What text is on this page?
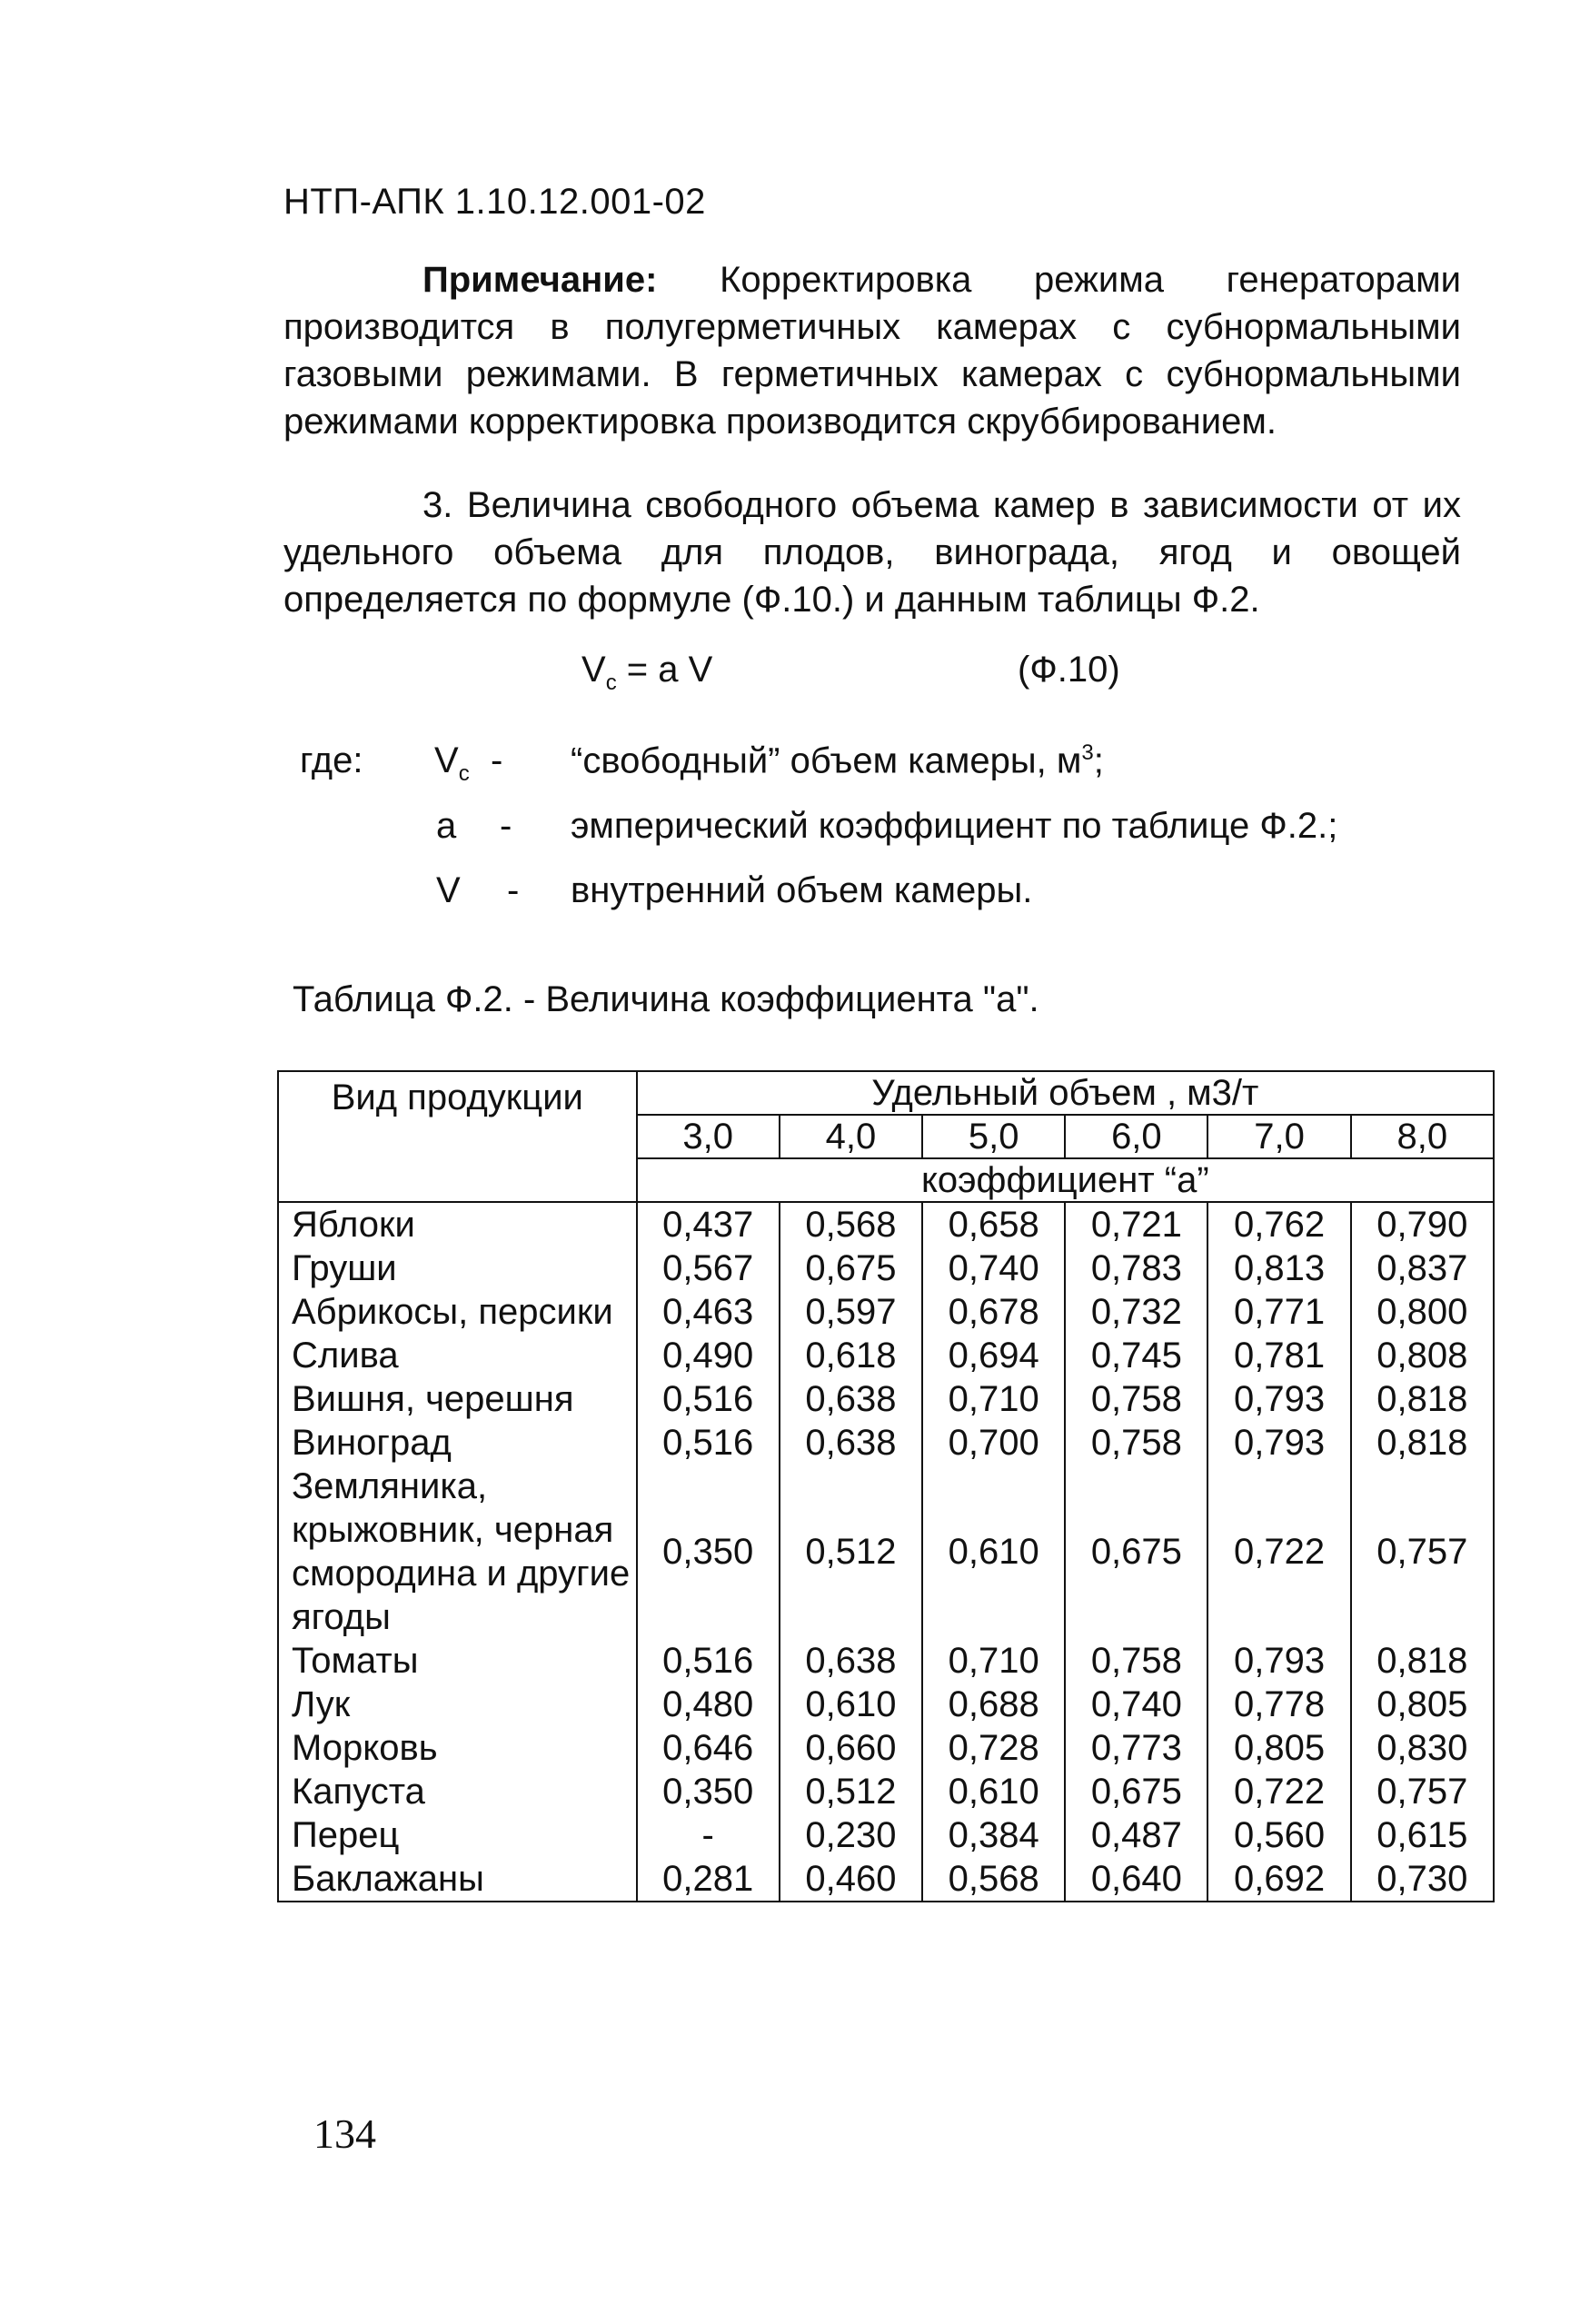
НТП-АПК 1.10.12.001-02
Примечание: Корректировка режима генераторами производится в полугерметичных камерах с субнормальными газовыми режимами. В герметичных камерах с субнормальными режимами корректировка производится скруббированием.
3. Величина свободного объема камер в зависимости от их удельного объема для плодов, винограда, ягод и овощей определяется по формуле (Ф.10.) и данным таблицы Ф.2.
$V_c = a$ V	(Ф.10)
где: $V_c$ - “свободный” объем камеры, $м^3$;
a - эмперический коэффициент по таблице Ф.2.;
V - внутренний объем камеры.
Таблица Ф.2. - Величина коэффициента "а".
Вид продукции	Удельный объем , м3/т					
	3,0	4,0	5,0	6,0	7,0	8,0
	коэффициент “а”					
Яблоки	0,437	0,568	0,658	0,721	0,762	0,790
Груши	0,567	0,675	0,740	0,783	0,813	0,837
Абрикосы, персики	0,463	0,597	0,678	0,732	0,771	0,800
Слива	0,490	0,618	0,694	0,745	0,781	0,808
Вишня, черешня	0,516	0,638	0,710	0,758	0,793	0,818
Виноград	0,516	0,638	0,700	0,758	0,793	0,818
Земляника, крыжовник, черная смородина и другие ягоды	0,350	0,512	0,610	0,675	0,722	0,757
Томаты	0,516	0,638	0,710	0,758	0,793	0,818
Лук	0,480	0,610	0,688	0,740	0,778	0,805
Морковь	0,646	0,660	0,728	0,773	0,805	0,830
Капуста	0,350	0,512	0,610	0,675	0,722	0,757
Перец	-	0,230	0,384	0,487	0,560	0,615
Баклажаны	0,281	0,460	0,568	0,640	0,692	0,730
134
